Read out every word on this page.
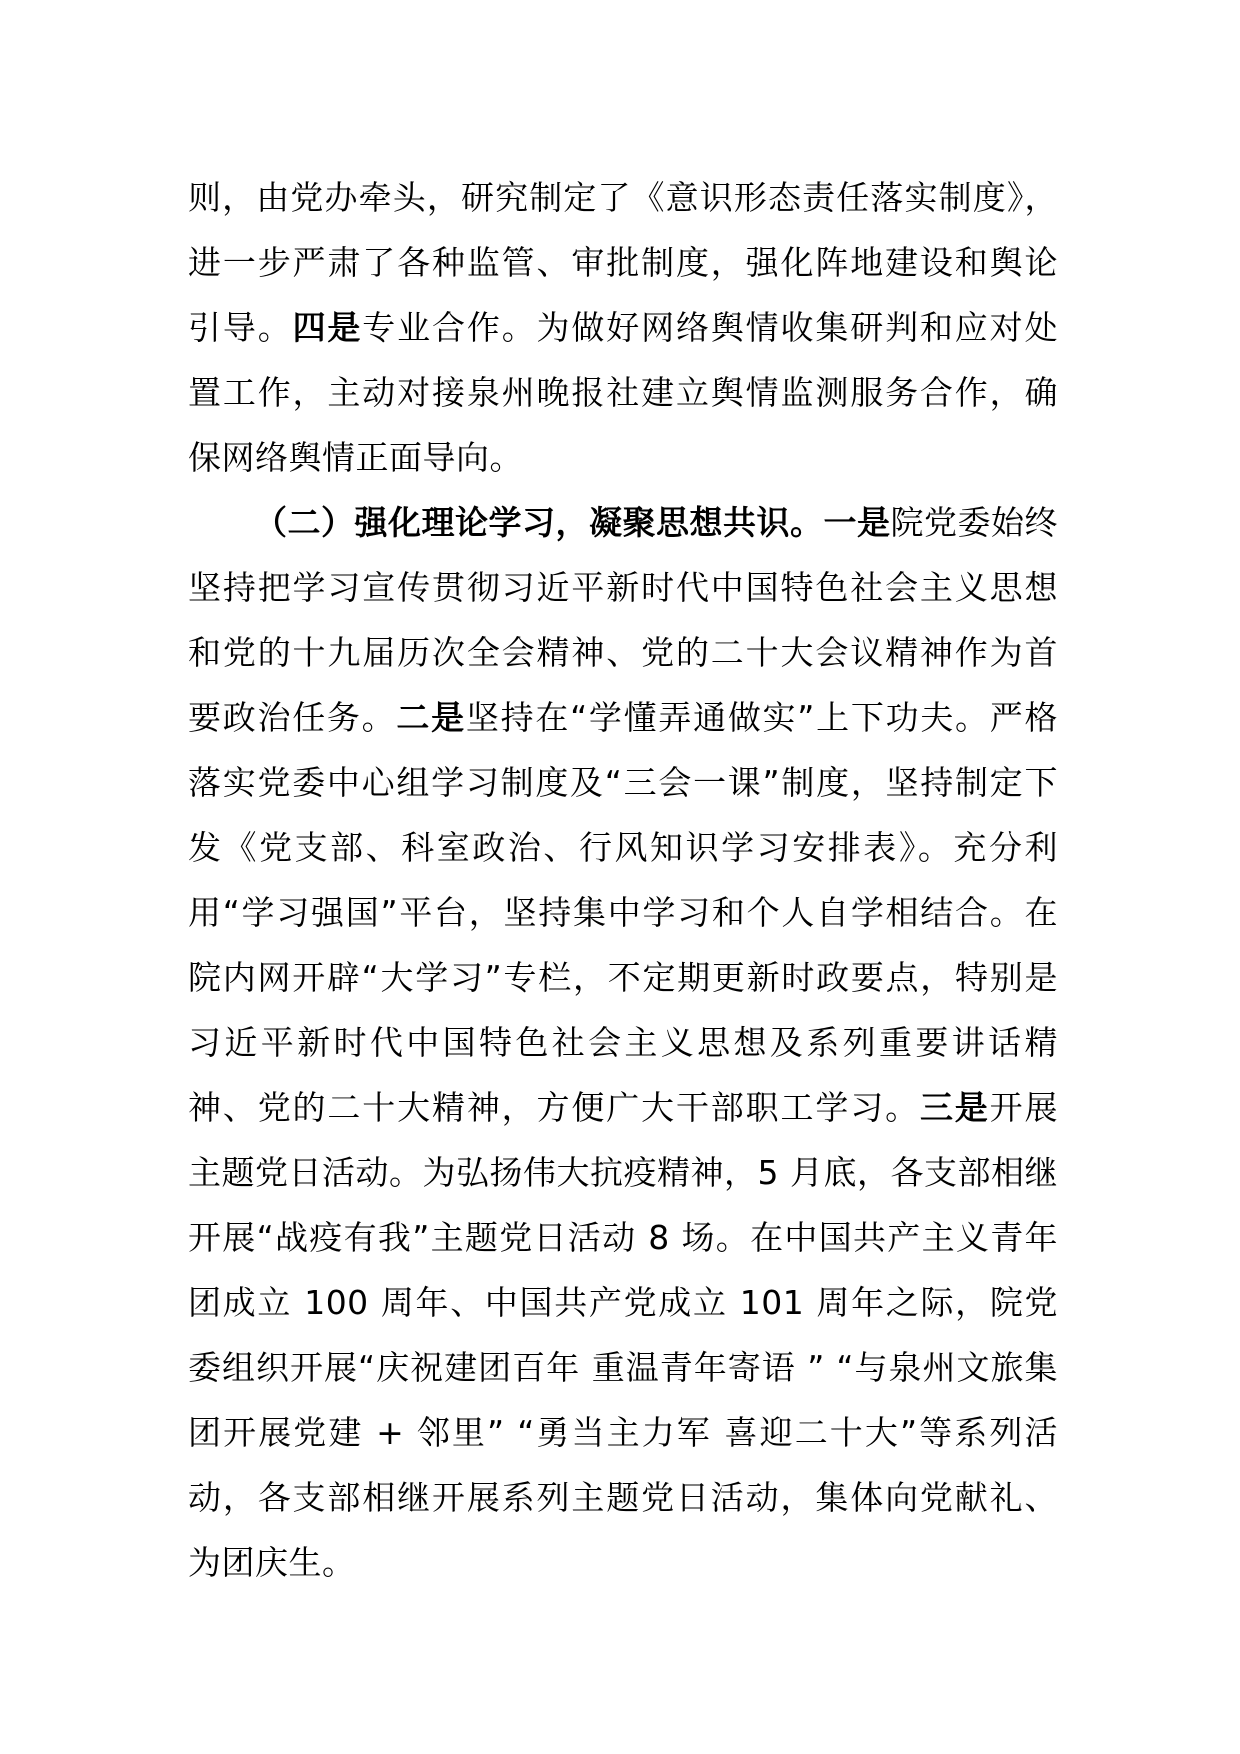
则，由党办牵头，研究制定了《意识形态责任落实制度》，进一步严肃了各种监管、审批制度，强化阵地建设和舆论引导。四是专业合作。为做好网络舆情收集研判和应对处置工作，主动对接泉州晚报社建立舆情监测服务合作，确保网络舆情正面导向。

（二）强化理论学习，凝聚思想共识。一是院党委始终坚持把学习宣传贯彻习近平新时代中国特色社会主义思想和党的十九届历次全会精神、党的二十大会议精神作为首要政治任务。二是坚持在“学懂弄通做实”上下功夫。严格落实党委中心组学习制度及“三会一课”制度，坚持制定下发《党支部、科室政治、行风知识学习安排表》。充分利用“学习强国”平台，坚持集中学习和个人自学相结合。在院内网开辟“大学习”专栏，不定期更新时政要点，特别是习近平新时代中国特色社会主义思想及系列重要讲话精神、党的二十大精神，方便广大干部职工学习。三是开展主题党日活动。为弘扬伟大抗疫精神，5 月底，各支部相继开展“战疫有我”主题党日活动 8 场。在中国共产主义青年团成立 100 周年、中国共产党成立 101 周年之际，院党委组织开展“庆祝建团百年 重温青年寄语 ” “与泉州文旅集团开展党建 + 邻里” “勇当主力军 喜迎二十大”等系列活动，各支部相继开展系列主题党日活动，集体向党献礼、为团庆生。
